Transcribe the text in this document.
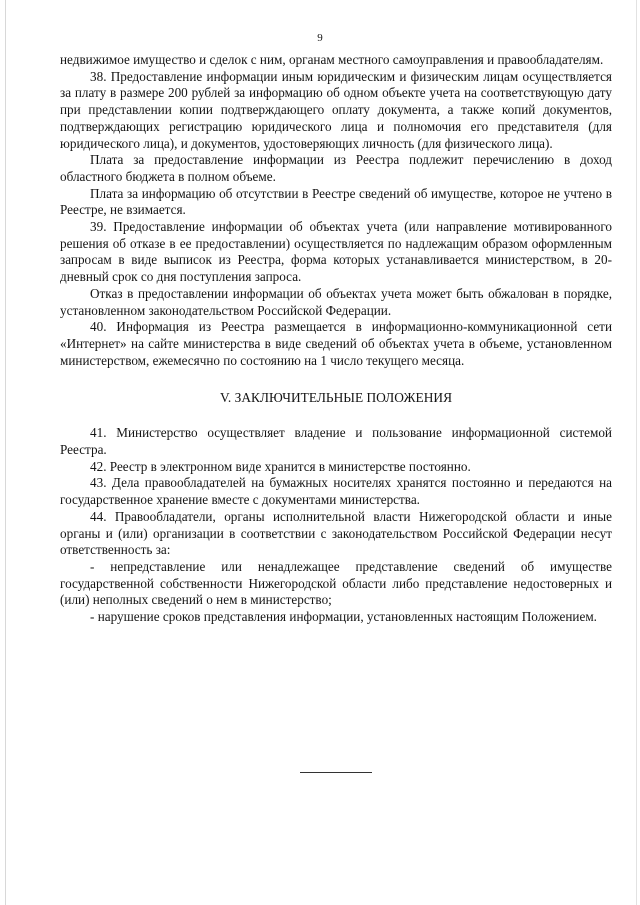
9

недвижимое имущество и сделок с ним, органам местного самоуправления и правообладателям.

38. Предоставление информации иным юридическим и физическим лицам осуществляется за плату в размере 200 рублей за информацию об одном объекте учета на соответствующую дату при представлении копии подтверждающего оплату документа, а также копий документов, подтверждающих регистрацию юридического лица и полномочия его представителя (для юридического лица), и документов, удостоверяющих личность (для физического лица).

Плата за предоставление информации из Реестра подлежит перечислению в доход областного бюджета в полном объеме.

Плата за информацию об отсутствии в Реестре сведений об имуществе, которое не учтено в Реестре, не взимается.

39. Предоставление информации об объектах учета (или направление мотивированного решения об отказе в ее предоставлении) осуществляется по надлежащим образом оформленным запросам в виде выписок из Реестра, форма которых устанавливается министерством, в 20-дневный срок со дня поступления запроса.

Отказ в предоставлении информации об объектах учета может быть обжалован в порядке, установленном законодательством Российской Федерации.

40. Информация из Реестра размещается в информационно-коммуникационной сети «Интернет» на сайте министерства в виде сведений об объектах учета в объеме, установленном министерством, ежемесячно по состоянию на 1 число текущего месяца.

V. ЗАКЛЮЧИТЕЛЬНЫЕ ПОЛОЖЕНИЯ

41. Министерство осуществляет владение и пользование информационной системой Реестра.

42. Реестр в электронном виде хранится в министерстве постоянно.

43. Дела правообладателей на бумажных носителях хранятся постоянно и передаются на государственное хранение вместе с документами министерства.

44. Правообладатели, органы исполнительной власти Нижегородской области и иные органы и (или) организации в соответствии с законодательством Российской Федерации несут ответственность за:

- непредставление или ненадлежащее представление сведений об имуществе государственной собственности Нижегородской области либо представление недостоверных и (или) неполных сведений о нем в министерство;

- нарушение сроков представления информации, установленных настоящим Положением.
